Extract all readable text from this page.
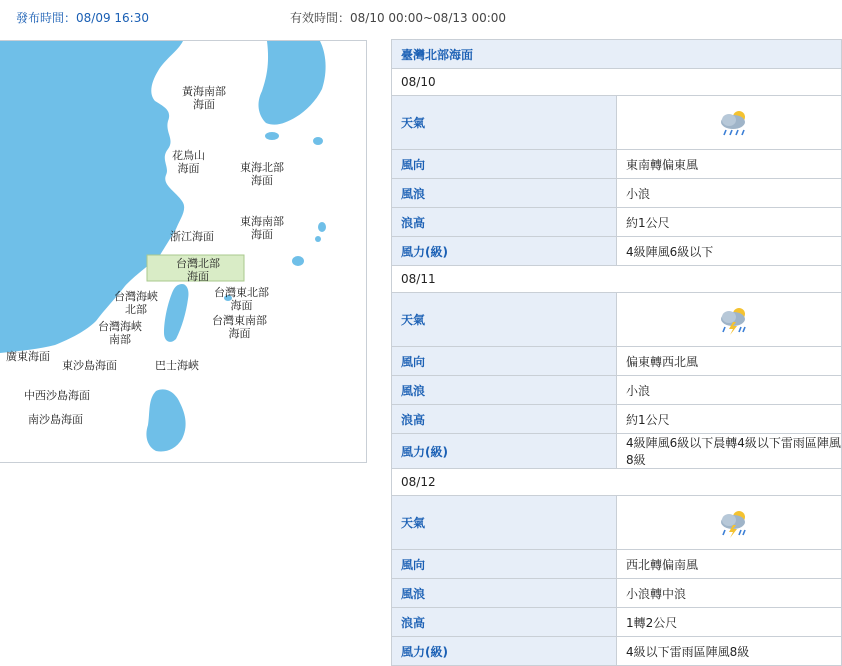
發布時間：08/09 16:30	有效時間：08/10 00:00~08/13 00:00
黃海南部
海面
花鳥山
海面	東海北部
海面
東海南部
海面
浙江海面
台灣北部
海面
台灣海峽
北部
台灣東北部
海面
台灣海峽
南部
台灣東南部
海面
廣東海面
東沙島海面	巴士海峽
中西沙島海面
南沙島海面
臺灣北部海面	
08/10	
天氣	

風向	東南轉偏東風
風浪	小浪
浪高	約1公尺
風力(級)	4級陣風6級以下
08/11	
天氣	

風向	偏東轉西北風
風浪	小浪
浪高	約1公尺
風力(級)	4級陣風6級以下晨轉4級以下雷雨區陣風8級
08/12	
天氣	

風向	西北轉偏南風
風浪	小浪轉中浪
浪高	1轉2公尺
風力(級)	4級以下雷雨區陣風8級
